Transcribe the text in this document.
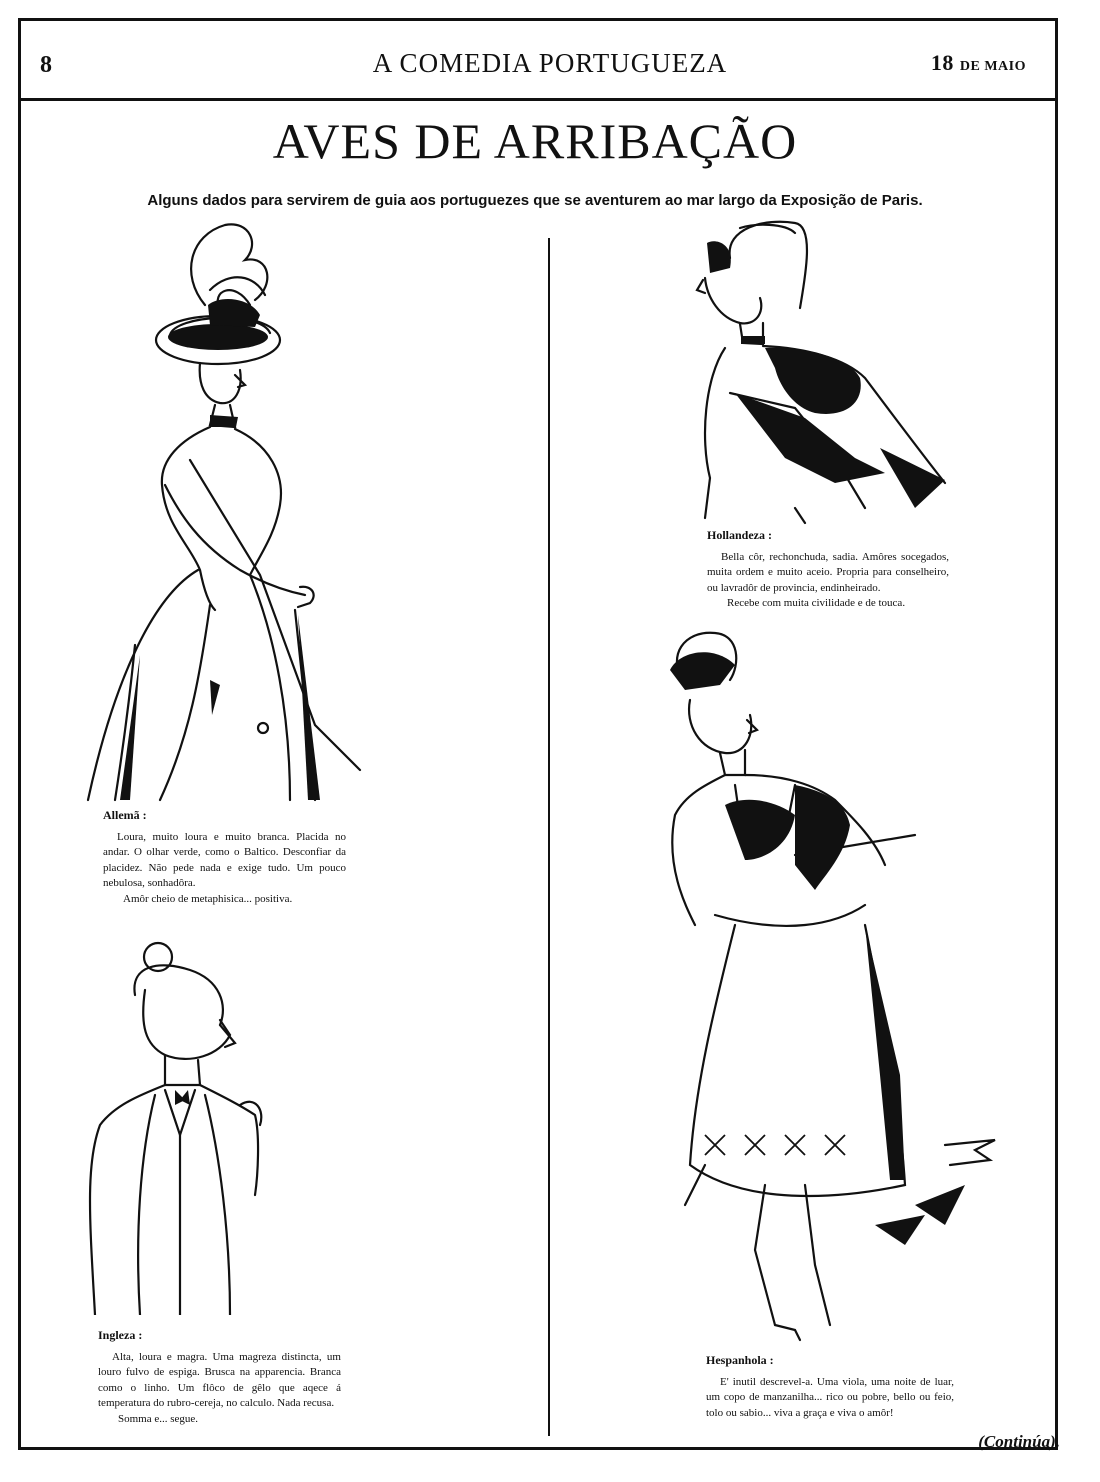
8	A COMEDIA PORTUGUEZA	18 DE MAIO
AVES DE ARRIBAÇÃO
Alguns dados para servirem de guia aos portuguezes que se aventurem ao mar largo da Exposição de Paris.
Allemã :

Loura, muito loura e muito branca. Placida no andar. O olhar verde, como o Baltico. Desconfiar da placidez. Não pede nada e exige tudo. Um pouco nebulosa, sonhadôra.

Amôr cheio de metaphisica... positiva.

Ingleza :

Alta, loura e magra. Uma magreza distincta, um louro fulvo de espiga. Brusca na apparencia. Branca como o linho. Um flôco de gêlo que aqece á temperatura do rubro-cereja, no calculo. Nada recusa.

Somma e... segue.

Hollandeza :

Bella côr, rechonchuda, sadia. Amôres socegados, muita ordem e muito aceio. Propria para conselheiro, ou lavradôr de provincia, endinheirado.

Recebe com muita civilidade e de touca.

Hespanhola :

E' inutil descrevel-a. Uma viola, uma noite de luar, um copo de manzanilha... rico ou pobre, bello ou feio, tolo ou sabio... viva a graça e viva o amôr!

(Continúa).
